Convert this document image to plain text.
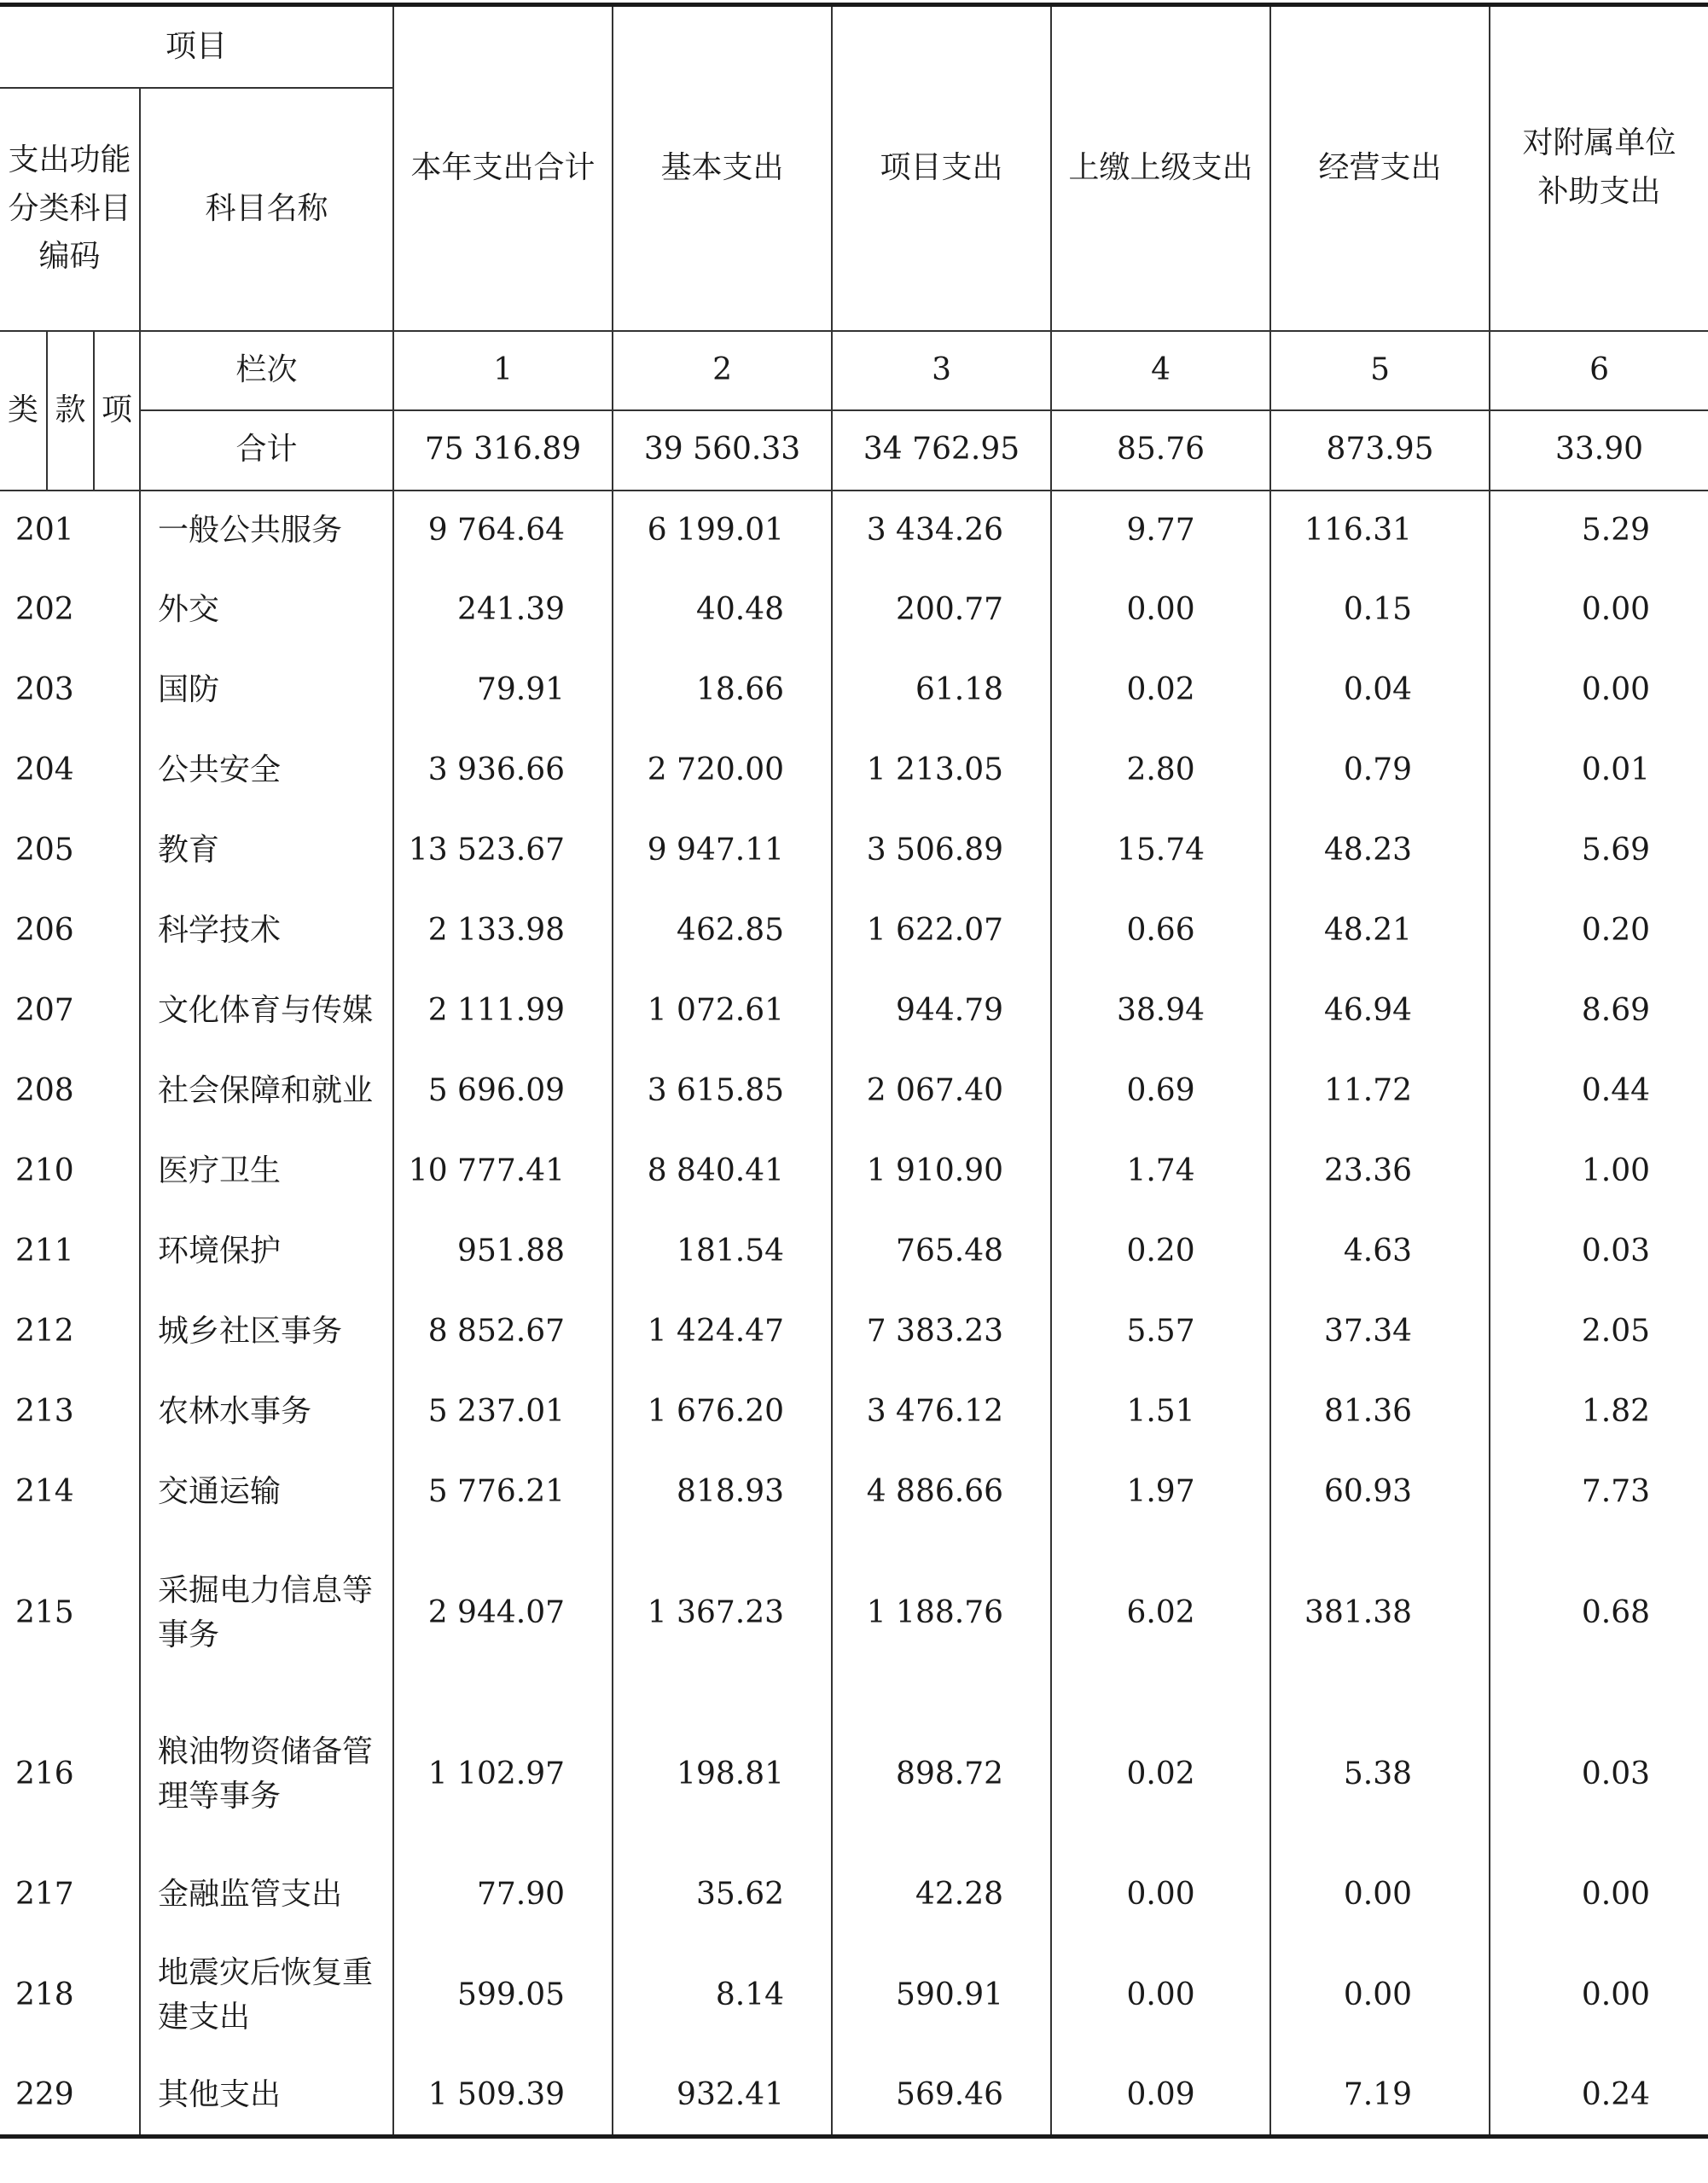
项目				本年支出合计	基本支出	项目支出	上缴上级支出	经营支出	对附属单位补助支出

支出功能分类科目编码			科目名称						
类	款	项	栏次	1	2	3	4	5	6
			合计	75 316.89	39 560.33	34 762.95	85.76	873.95	33.90
201			一般公共服务	9 764.64	6 199.01	3 434.26	9.77	116.31	5.29
202			外交	241.39	40.48	200.77	0.00	0.15	0.00
203			国防	79.91	18.66	61.18	0.02	0.04	0.00
204			公共安全	3 936.66	2 720.00	1 213.05	2.80	0.79	0.01
205			教育	13 523.67	9 947.11	3 506.89	15.74	48.23	5.69
206			科学技术	2 133.98	462.85	1 622.07	0.66	48.21	0.20
207			文化体育与传媒	2 111.99	1 072.61	944.79	38.94	46.94	8.69
208			社会保障和就业	5 696.09	3 615.85	2 067.40	0.69	11.72	0.44
210			医疗卫生	10 777.41	8 840.41	1 910.90	1.74	23.36	1.00
211			环境保护	951.88	181.54	765.48	0.20	4.63	0.03
212			城乡社区事务	8 852.67	1 424.47	7 383.23	5.57	37.34	2.05
213			农林水事务	5 237.01	1 676.20	3 476.12	1.51	81.36	1.82
214			交通运输	5 776.21	818.93	4 886.66	1.97	60.93	7.73
215			采掘电力信息等事务	2 944.07	1 367.23	1 188.76	6.02	381.38	0.68
216			粮油物资储备管理等事务	1 102.97	198.81	898.72	0.02	5.38	0.03
217			金融监管支出	77.90	35.62	42.28	0.00	0.00	0.00
218			地震灾后恢复重建支出	599.05	8.14	590.91	0.00	0.00	0.00
229			其他支出	1 509.39	932.41	569.46	0.09	7.19	0.24
